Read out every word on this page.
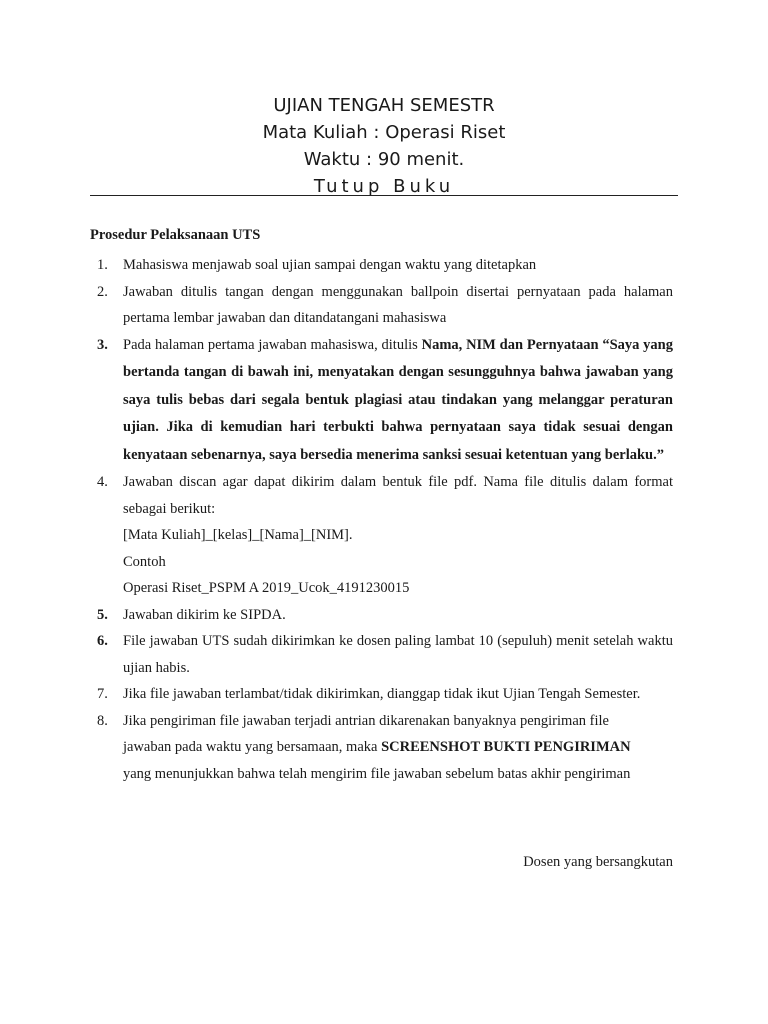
UJIAN TENGAH SEMESTR
Mata Kuliah : Operasi Riset
Waktu : 90 menit.
Tutup Buku
Prosedur Pelaksanaan UTS
1. Mahasiswa menjawab soal ujian sampai dengan waktu yang ditetapkan
2. Jawaban ditulis tangan dengan menggunakan ballpoin disertai pernyataan pada halaman pertama lembar jawaban dan ditandatangani mahasiswa
3. Pada halaman pertama jawaban mahasiswa, ditulis Nama, NIM dan Pernyataan “Saya yang bertanda tangan di bawah ini, menyatakan dengan sesungguhnya bahwa jawaban yang saya tulis bebas dari segala bentuk plagiasi atau tindakan yang melanggar peraturan ujian. Jika di kemudian hari terbukti bahwa pernyataan saya tidak sesuai dengan kenyataan sebenarnya, saya bersedia menerima sanksi sesuai ketentuan yang berlaku.”
4. Jawaban discan agar dapat dikirim dalam bentuk file pdf. Nama file ditulis dalam format sebagai berikut:
[Mata Kuliah]_[kelas]_[Nama]_[NIM].
Contoh
Operasi Riset_PSPM A 2019_Ucok_4191230015
5. Jawaban dikirim ke SIPDA.
6. File jawaban UTS sudah dikirimkan ke dosen paling lambat 10 (sepuluh) menit setelah waktu ujian habis.
7. Jika file jawaban terlambat/tidak dikirimkan, dianggap tidak ikut Ujian Tengah Semester.
8. Jika pengiriman file jawaban terjadi antrian dikarenakan banyaknya pengiriman file
jawaban pada waktu yang bersamaan, maka SCREENSHOT BUKTI PENGIRIMAN
yang menunjukkan bahwa telah mengirim file jawaban sebelum batas akhir pengiriman
Dosen yang bersangkutan
